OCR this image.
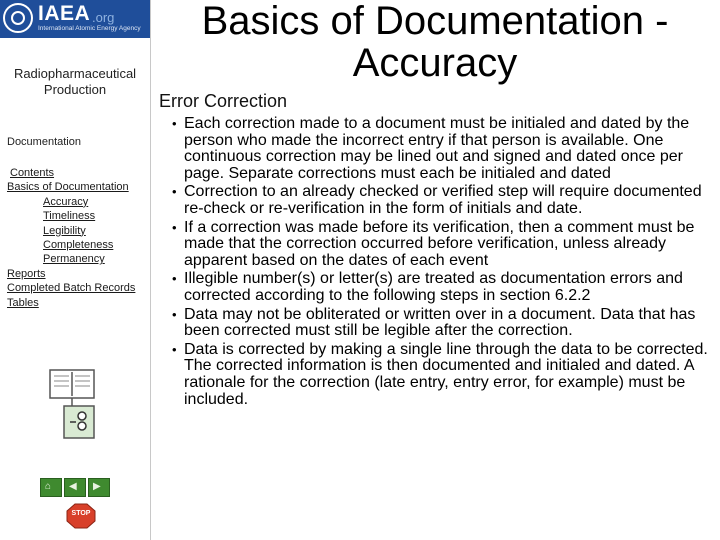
IAEA .org
International Atomic Energy Agency
Radiopharmaceutical Production
Documentation
Contents
Basics of Documentation
Accuracy
Timeliness
Legibility
Completeness
Permanency
Reports
Completed Batch Records
Tables
⌂ ◀ ▶
STOP
Basics of Documentation - Accuracy
Error Correction
• Each correction made to a document must be initialed and dated by the person who made the incorrect entry if that person is available. One continuous correction may be lined out and signed and dated once per page. Separate corrections must each be initialed and dated
• Correction to an already checked or verified step will require documented re-check or re-verification in the form of initials and date.
• If a correction was made before its verification, then a comment must be made that the correction occurred before verification, unless already apparent based on the dates of each event
• Illegible number(s) or letter(s) are treated as documentation errors and corrected according to the following steps in section 6.2.2
• Data may not be obliterated or written over in a document. Data that has been corrected must still be legible after the correction.
• Data is corrected by making a single line through the data to be corrected. The corrected information is then documented and initialed and dated. A rationale for the correction (late entry, entry error, for example) must be included.
